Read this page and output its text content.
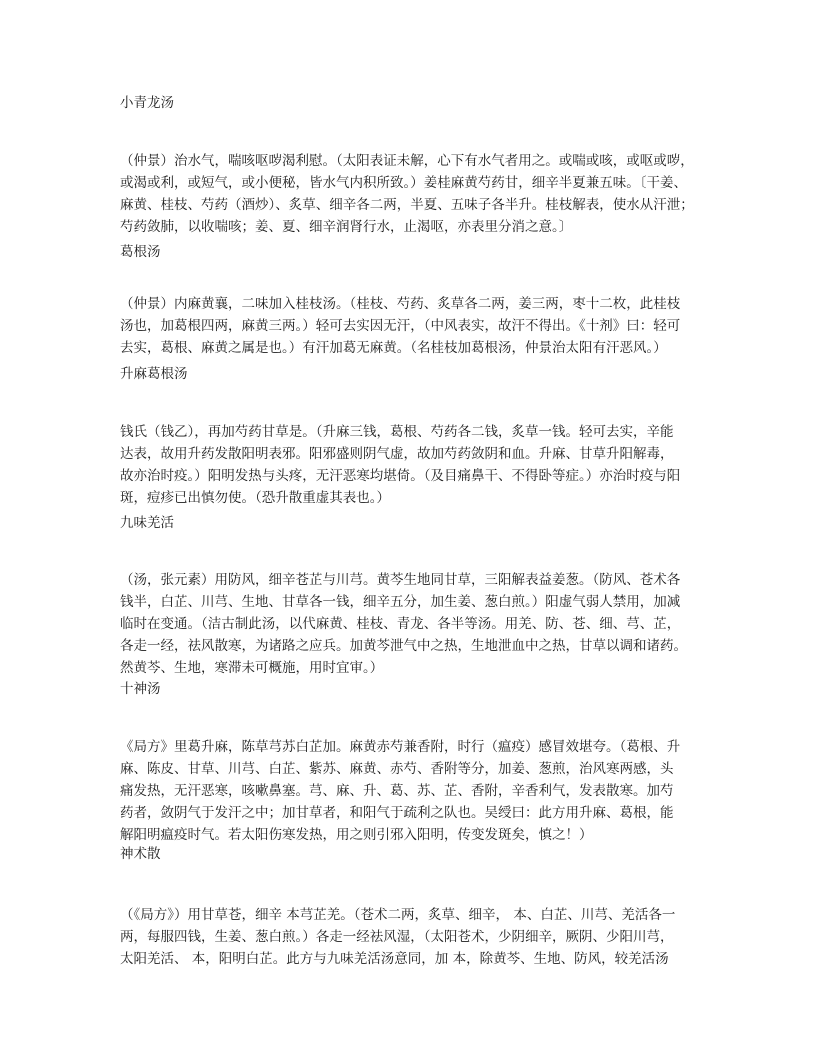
小青龙汤
（仲景）治水气，喘咳呕哕渴利慰。（太阳表证未解，心下有水气者用之。或喘或咳，或呕或哕，
或渴或利，或短气，或小便秘，皆水气内积所致。）姜桂麻黄芍药甘，细辛半夏兼五味。〔干姜、
麻黄、桂枝、芍药（酒炒）、炙草、细辛各二两，半夏、五味子各半升。桂枝解表，使水从汗泄；
芍药敛肺，以收喘咳；姜、夏、细辛润肾行水，止渴呕，亦表里分消之意。〕
葛根汤
（仲景）内麻黄襄，二味加入桂枝汤。（桂枝、芍药、炙草各二两，姜三两，枣十二枚，此桂枝
汤也，加葛根四两，麻黄三两。）轻可去实因无汗，（中风表实，故汗不得出。《十剂》曰：轻可
去实，葛根、麻黄之属是也。）有汗加葛无麻黄。（名桂枝加葛根汤，仲景治太阳有汗恶风。）
升麻葛根汤
钱氏（钱乙），再加芍药甘草是。（升麻三钱，葛根、芍药各二钱，炙草一钱。轻可去实，辛能
达表，故用升药发散阳明表邪。阳邪盛则阴气虚，故加芍药敛阴和血。升麻、甘草升阳解毒，
故亦治时疫。）阳明发热与头疼，无汗恶寒均堪倚。（及目痛鼻干、不得卧等症。）亦治时疫与阳
斑，痘疹已出慎勿使。（恐升散重虚其表也。）
九味羌活
（汤，张元素）用防风，细辛苍芷与川芎。黄芩生地同甘草，三阳解表益姜葱。（防风、苍术各
钱半，白芷、川芎、生地、甘草各一钱，细辛五分，加生姜、葱白煎。）阳虚气弱人禁用，加减
临时在变通。（洁古制此汤，以代麻黄、桂枝、青龙、各半等汤。用羌、防、苍、细、芎、芷，
各走一经，祛风散寒，为诸路之应兵。加黄芩泄气中之热，生地泄血中之热，甘草以调和诸药。
然黄芩、生地，寒滞未可概施，用时宜审。）
十神汤
《局方》里葛升麻，陈草芎苏白芷加。麻黄赤芍兼香附，时行（瘟疫）感冒效堪夸。（葛根、升
麻、陈皮、甘草、川芎、白芷、紫苏、麻黄、赤芍、香附等分，加姜、葱煎，治风寒两感，头
痛发热，无汗恶寒，咳嗽鼻塞。芎、麻、升、葛、苏、芷、香附，辛香利气，发表散寒。加芍
药者，敛阴气于发汗之中；加甘草者，和阳气于疏利之队也。吴绶曰：此方用升麻、葛根，能
解阳明瘟疫时气。若太阳伤寒发热，用之则引邪入阳明，传变发斑矣，慎之！）
神术散
（《局方》）用甘草苍，细辛 本芎芷羌。（苍术二两，炙草、细辛， 本、白芷、川芎、羌活各一
两，每服四钱，生姜、葱白煎。）各走一经祛风湿，（太阳苍术，少阴细辛，厥阴、少阳川芎，
太阳羌活、 本，阳明白芷。此方与九味羌活汤意同，加 本，除黄芩、生地、防风，较羌活汤
